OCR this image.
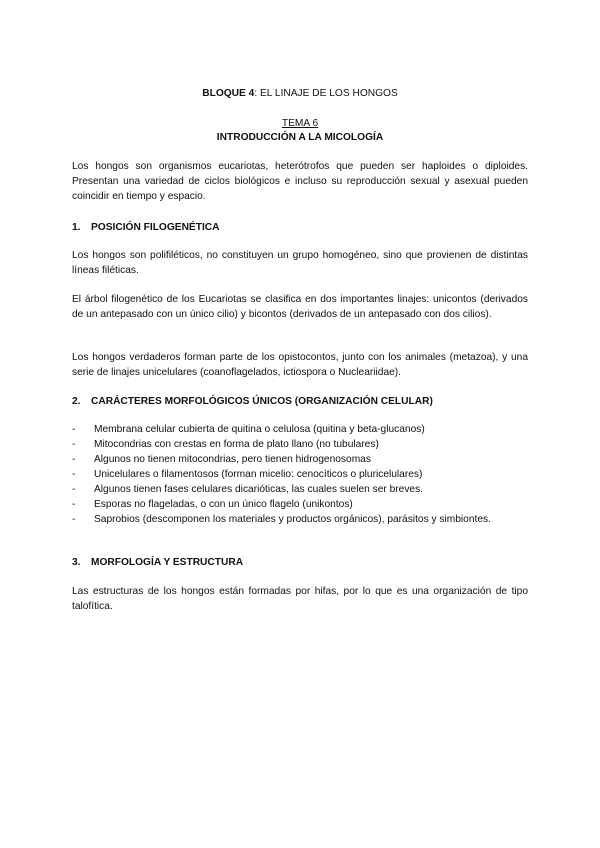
BLOQUE 4: EL LINAJE DE LOS HONGOS
TEMA 6
INTRODUCCIÓN A LA MICOLOGÍA

Los hongos son organismos eucariotas, heterótrofos que pueden ser haploides o diploides. Presentan una variedad de ciclos biológicos e incluso su reproducción sexual y asexual pueden coincidir en tiempo y espacio.

1. POSICIÓN FILOGENÉTICA

Los hongos son polifiléticos, no constituyen un grupo homogéneo, sino que provienen de distintas líneas filéticas.

El árbol filogenético de los Eucariotas se clasifica en dos importantes linajes: unicontos (derivados de un antepasado con un único cilio) y bicontos (derivados de un antepasado con dos cilios).

Los hongos verdaderos forman parte de los opistocontos, junto con los animales (metazoa), y una serie de linajes unicelulares (coanoflagelados, ictiospora o Nucleariidae).

2. CARÁCTERES MORFOLÓGICOS ÚNICOS (ORGANIZACIÓN CELULAR)
- Membrana celular cubierta de quitina o celulosa (quitina y beta-glucanos)
- Mitocondrias con crestas en forma de plato llano (no tubulares)
- Algunos no tienen mitocondrias, pero tienen hidrogenosomas
- Unicelulares o filamentosos (forman micelio: cenocíticos o pluricelulares)
- Algunos tienen fases celulares dicarióticas, las cuales suelen ser breves.
- Esporas no flageladas, o con un único flagelo (unikontos)
- Saprobios (descomponen los materiales y productos orgánicos), parásitos y simbiontes.
3. MORFOLOGÍA Y ESTRUCTURA

Las estructuras de los hongos están formadas por hifas, por lo que es una organización de tipo talofítica.
